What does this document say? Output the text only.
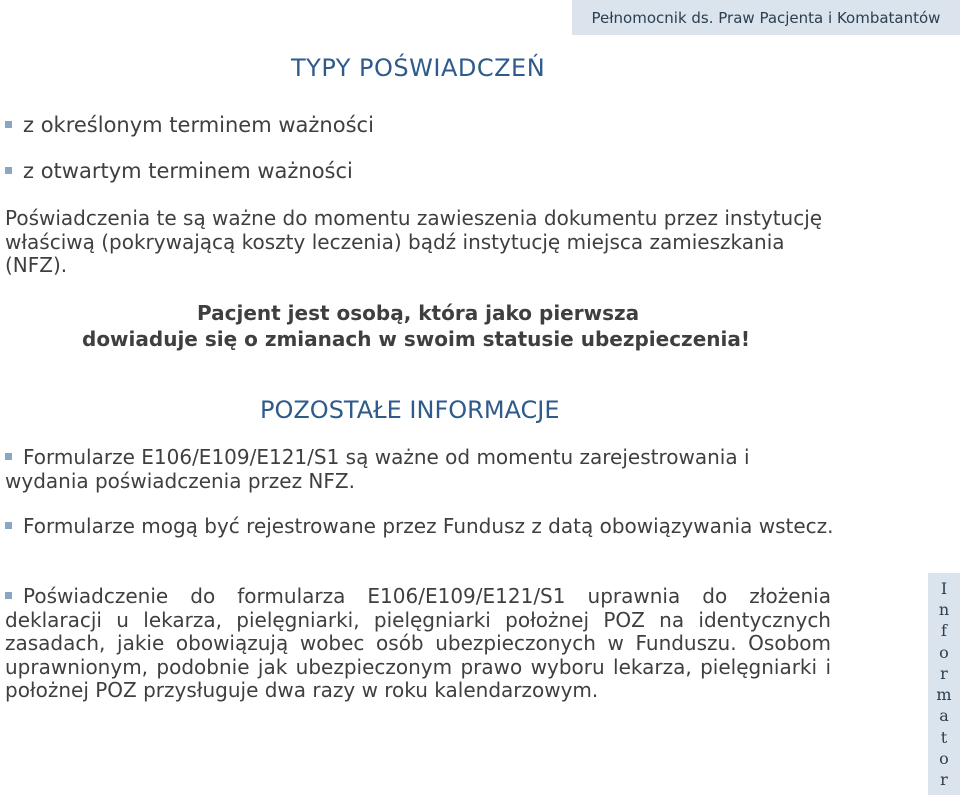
Pełnomocnik ds. Praw Pacjenta i Kombatantów
TYPY POŚWIADCZEŃ
z określonym terminem ważności
z otwartym terminem ważności
Poświadczenia te są ważne do momentu zawieszenia dokumentu przez instytucję właściwą (pokrywającą koszty leczenia) bądź instytucję miejsca zamieszkania (NFZ).
Pacjent jest osobą, która jako pierwsza
dowiaduje się o zmianach w swoim statusie ubezpieczenia!
POZOSTAŁE INFORMACJE
Formularze E106/E109/E121/S1 są ważne od momentu zarejestrowania i wydania poświadczenia przez NFZ.
Formularze mogą być rejestrowane przez Fundusz z datą obowiązywania wstecz.
Poświadczenie do formularza E106/E109/E121/S1 uprawnia do złożenia deklaracji u lekarza, pielęgniarki, pielęgniarki położnej POZ na identycznych zasadach, jakie obowiązują wobec osób ubezpieczonych w Funduszu. Osobom uprawnionym, podobnie jak ubezpieczonym prawo wyboru lekarza, pielęgniarki i położnej POZ przysługuje dwa razy w roku kalendarzowym.
I
n
f
o
r
m
a
t
o
r
